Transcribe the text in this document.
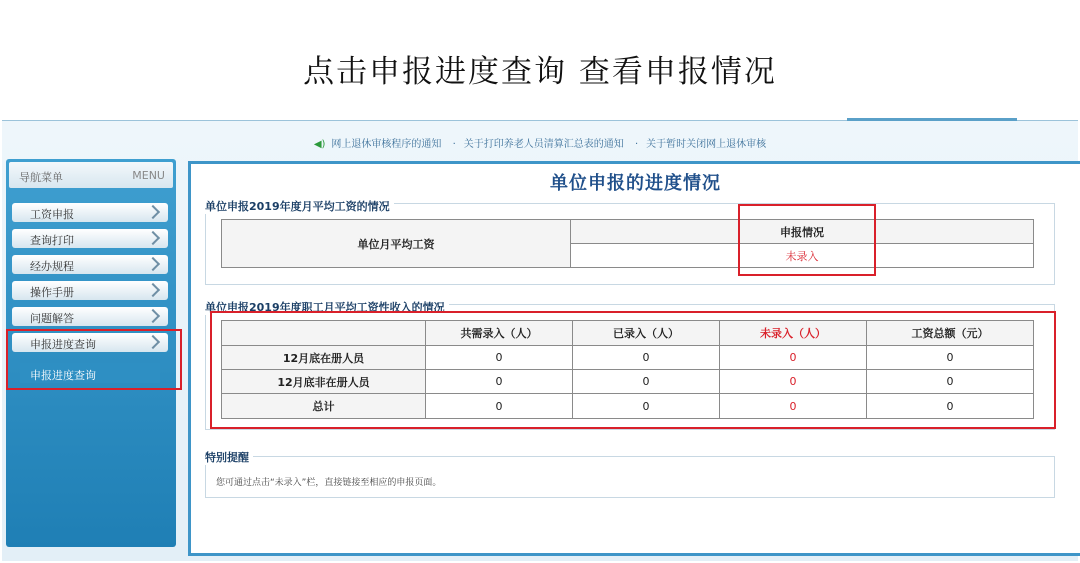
点击申报进度查询 查看申报情况
◀) 网上退休审核程序的通知 · 关于打印养老人员清算汇总表的通知 · 关于暂时关闭网上退休审核
导航菜单	MENU
工资申报
查询打印
经办规程
操作手册
问题解答
申报进度查询
申报进度查询
单位申报的进度情况
单位申报2019年度月平均工资的情况
单位月平均工资	申报情况
未录入
单位申报2019年度职工月平均工资性收入的情况
	共需录入（人）	已录入（人）	未录入（人）	工资总额（元）
12月底在册人员	0	0	0	0
12月底非在册人员	0	0	0	0
总计	0	0	0	0
您可通过点击“未录入”栏，直接链接至相应的申报页面。
特别提醒
